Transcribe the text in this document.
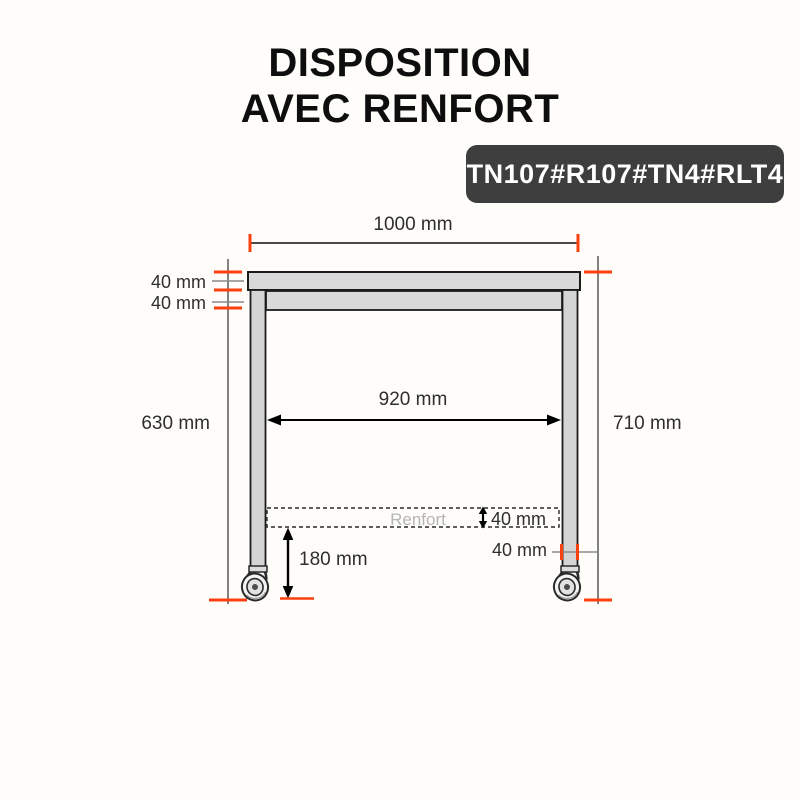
DISPOSITION
AVEC RENFORT
TN107#R107#TN4#RLT4
1000 mm
40 mm
40 mm
630 mm	710 mm
920 mm
Renfort	40 mm
40 mm
180 mm
